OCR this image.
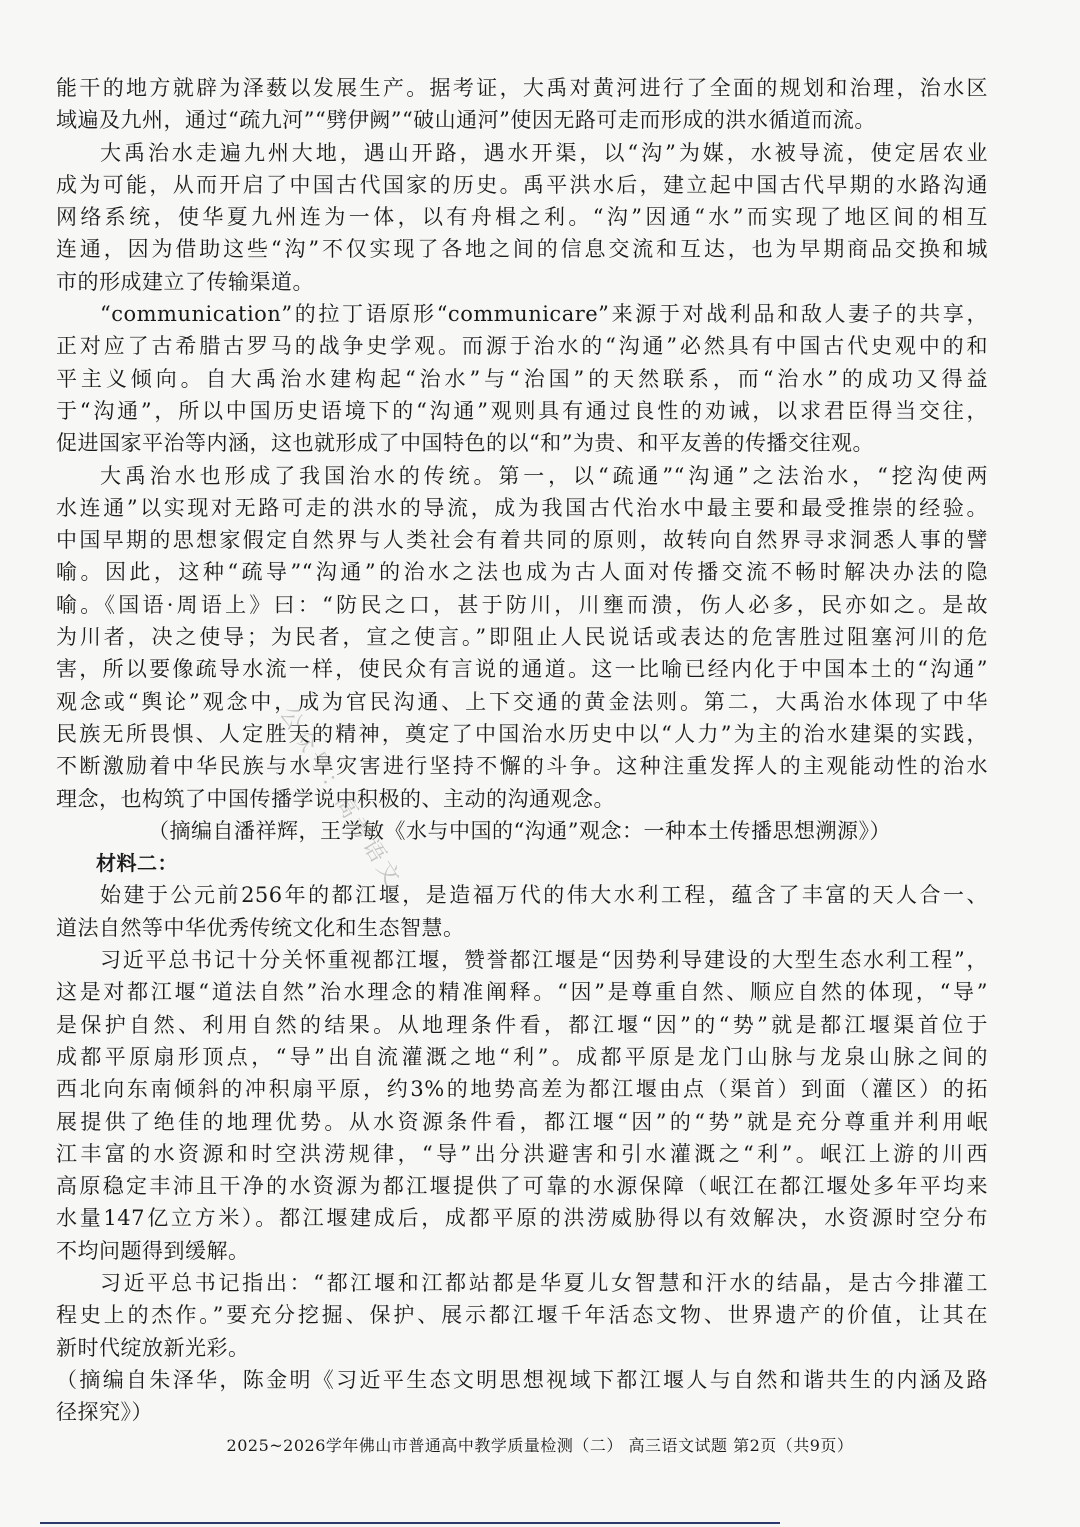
能干的地方就辟为泽薮以发展生产。据考证，大禹对黄河进行了全面的规划和治理，治水区
域遍及九州，通过“疏九河”“劈伊阙”“破山通河”使因无路可走而形成的洪水循道而流。
大禹治水走遍九州大地，遇山开路，遇水开渠，以“沟”为媒，水被导流，使定居农业
成为可能，从而开启了中国古代国家的历史。禹平洪水后，建立起中国古代早期的水路沟通
网络系统，使华夏九州连为一体，以有舟楫之利。“沟”因通“水”而实现了地区间的相互
连通，因为借助这些“沟”不仅实现了各地之间的信息交流和互达，也为早期商品交换和城
市的形成建立了传输渠道。
“communication”的拉丁语原形“communicare”来源于对战利品和敌人妻子的共享，
正对应了古希腊古罗马的战争史学观。而源于治水的“沟通”必然具有中国古代史观中的和
平主义倾向。自大禹治水建构起“治水”与“治国”的天然联系，而“治水”的成功又得益
于“沟通”，所以中国历史语境下的“沟通”观则具有通过良性的劝诫，以求君臣得当交往，
促进国家平治等内涵，这也就形成了中国特色的以“和”为贵、和平友善的传播交往观。
大禹治水也形成了我国治水的传统。第一，以“疏通”“沟通”之法治水，“挖沟使两
水连通”以实现对无路可走的洪水的导流，成为我国古代治水中最主要和最受推崇的经验。
中国早期的思想家假定自然界与人类社会有着共同的原则，故转向自然界寻求洞悉人事的譬
喻。因此，这种“疏导”“沟通”的治水之法也成为古人面对传播交流不畅时解决办法的隐
喻。《国语·周语上》曰：“防民之口，甚于防川，川壅而溃，伤人必多，民亦如之。是故
为川者，决之使导；为民者，宣之使言。”即阻止人民说话或表达的危害胜过阻塞河川的危
害，所以要像疏导水流一样，使民众有言说的通道。这一比喻已经内化于中国本土的“沟通”
观念或“舆论”观念中，成为官民沟通、上下交通的黄金法则。第二，大禹治水体现了中华
民族无所畏惧、人定胜天的精神，奠定了中国治水历史中以“人力”为主的治水建渠的实践，
不断激励着中华民族与水旱灾害进行坚持不懈的斗争。这种注重发挥人的主观能动性的治水
理念，也构筑了中国传播学说中积极的、主动的沟通观念。
（摘编自潘祥辉，王学敏《水与中国的“沟通”观念：一种本土传播思想溯源》）
材料二：
始建于公元前256年的都江堰，是造福万代的伟大水利工程，蕴含了丰富的天人合一、
道法自然等中华优秀传统文化和生态智慧。
习近平总书记十分关怀重视都江堰，赞誉都江堰是“因势利导建设的大型生态水利工程”，
这是对都江堰“道法自然”治水理念的精准阐释。“因”是尊重自然、顺应自然的体现，“导”
是保护自然、利用自然的结果。从地理条件看，都江堰“因”的“势”就是都江堰渠首位于
成都平原扇形顶点，“导”出自流灌溉之地“利”。成都平原是龙门山脉与龙泉山脉之间的
西北向东南倾斜的冲积扇平原，约3%的地势高差为都江堰由点（渠首）到面（灌区）的拓
展提供了绝佳的地理优势。从水资源条件看，都江堰“因”的“势”就是充分尊重并利用岷
江丰富的水资源和时空洪涝规律，“导”出分洪避害和引水灌溉之“利”。岷江上游的川西
高原稳定丰沛且干净的水资源为都江堰提供了可靠的水源保障（岷江在都江堰处多年平均来
水量147亿立方米）。都江堰建成后，成都平原的洪涝威胁得以有效解决，水资源时空分布
不均问题得到缓解。
习近平总书记指出：“都江堰和江都站都是华夏儿女智慧和汗水的结晶，是古今排灌工
程史上的杰作。”要充分挖掘、保护、展示都江堰千年活态文物、世界遗产的价值，让其在
新时代绽放新光彩。
（摘编自朱泽华，陈金明《习近平生态文明思想视域下都江堰人与自然和谐共生的内涵及路
径探究》）
公众号：高考语文
2025~2026学年佛山市普通高中教学质量检测（二） 高三语文试题 第2页（共9页）
